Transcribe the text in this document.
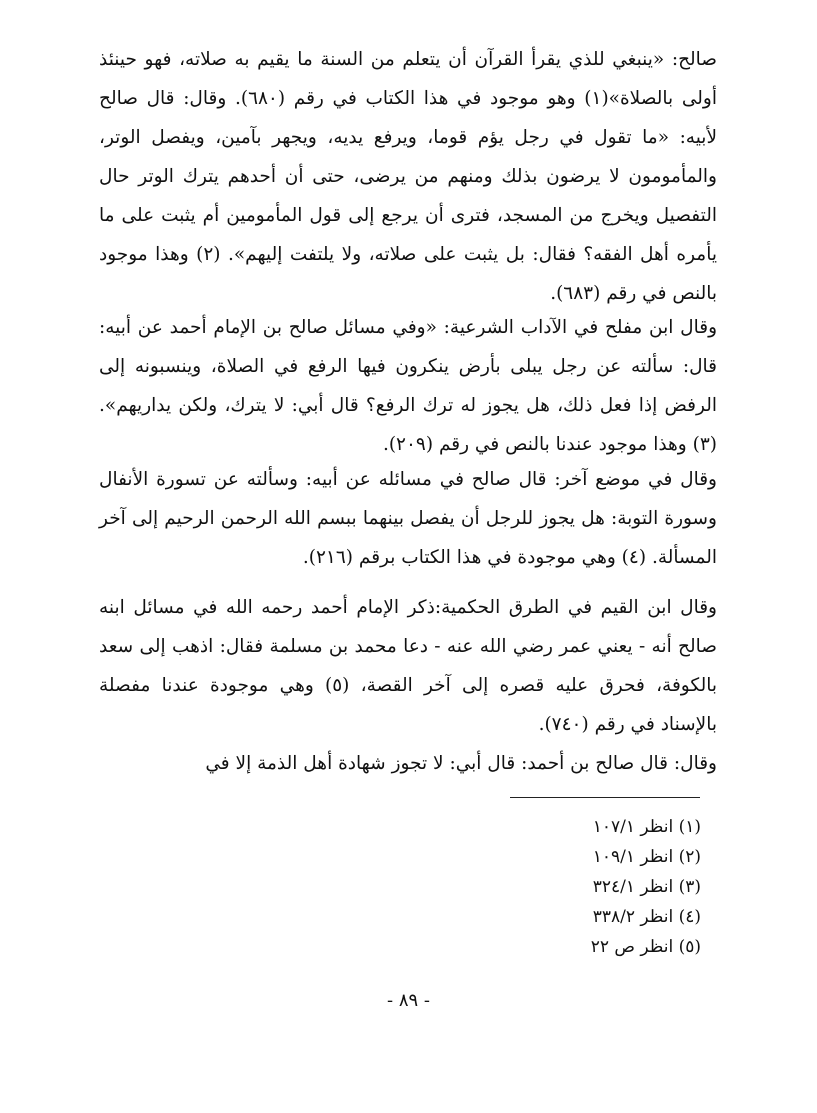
صالح: «ينبغي للذي يقرأ القرآن أن يتعلم من السنة ما يقيم به صلاته، فهو حينئذ أولى بالصلاة»(١) وهو موجود في هذا الكتاب في رقم (٦٨٠). وقال: قال صالح لأبيه: «ما تقول في رجل يؤم قوما، ويرفع يديه، ويجهر بآمين، ويفصل الوتر، والمأمومون لا يرضون بذلك ومنهم من يرضى، حتى أن أحدهم يترك الوتر حال التفصيل ويخرج من المسجد، فترى أن يرجع إلى قول المأمومين أم يثبت على ما يأمره أهل الفقه؟ فقال: بل يثبت على صلاته، ولا يلتفت إليهم». (٢) وهذا موجود بالنص في رقم (٦٨٣).

وقال ابن مفلح في الآداب الشرعية: «وفي مسائل صالح بن الإمام أحمد عن أبيه: قال: سألته عن رجل يبلى بأرض ينكرون فيها الرفع في الصلاة، وينسبونه إلى الرفض إذا فعل ذلك، هل يجوز له ترك الرفع؟ قال أبي: لا يترك، ولكن يداريهم». (٣) وهذا موجود عندنا بالنص في رقم (٢٠٩).

وقال في موضع آخر: قال صالح في مسائله عن أبيه: وسألته عن تسورة الأنفال وسورة التوبة: هل يجوز للرجل أن يفصل بينهما ببسم الله الرحمن الرحيم إلى آخر المسألة. (٤) وهي موجودة في هذا الكتاب برقم (٢١٦).

وقال ابن القيم في الطرق الحكمية:ذكر الإمام أحمد رحمه الله في مسائل ابنه صالح أنه - يعني عمر رضي الله عنه - دعا محمد بن مسلمة فقال: اذهب إلى سعد بالكوفة، فحرق عليه قصره إلى آخر القصة، (٥) وهي موجودة عندنا مفصلة بالإسناد في رقم (٧٤٠).

وقال: قال صالح بن أحمد: قال أبي: لا تجوز شهادة أهل الذمة إلا في

(١) انظر ١٠٧/١
(٢) انظر ١٠٩/١
(٣) انظر ٣٢٤/١
(٤) انظر ٣٣٨/٢
(٥) انظر ص ٢٢
- ٨٩ -
